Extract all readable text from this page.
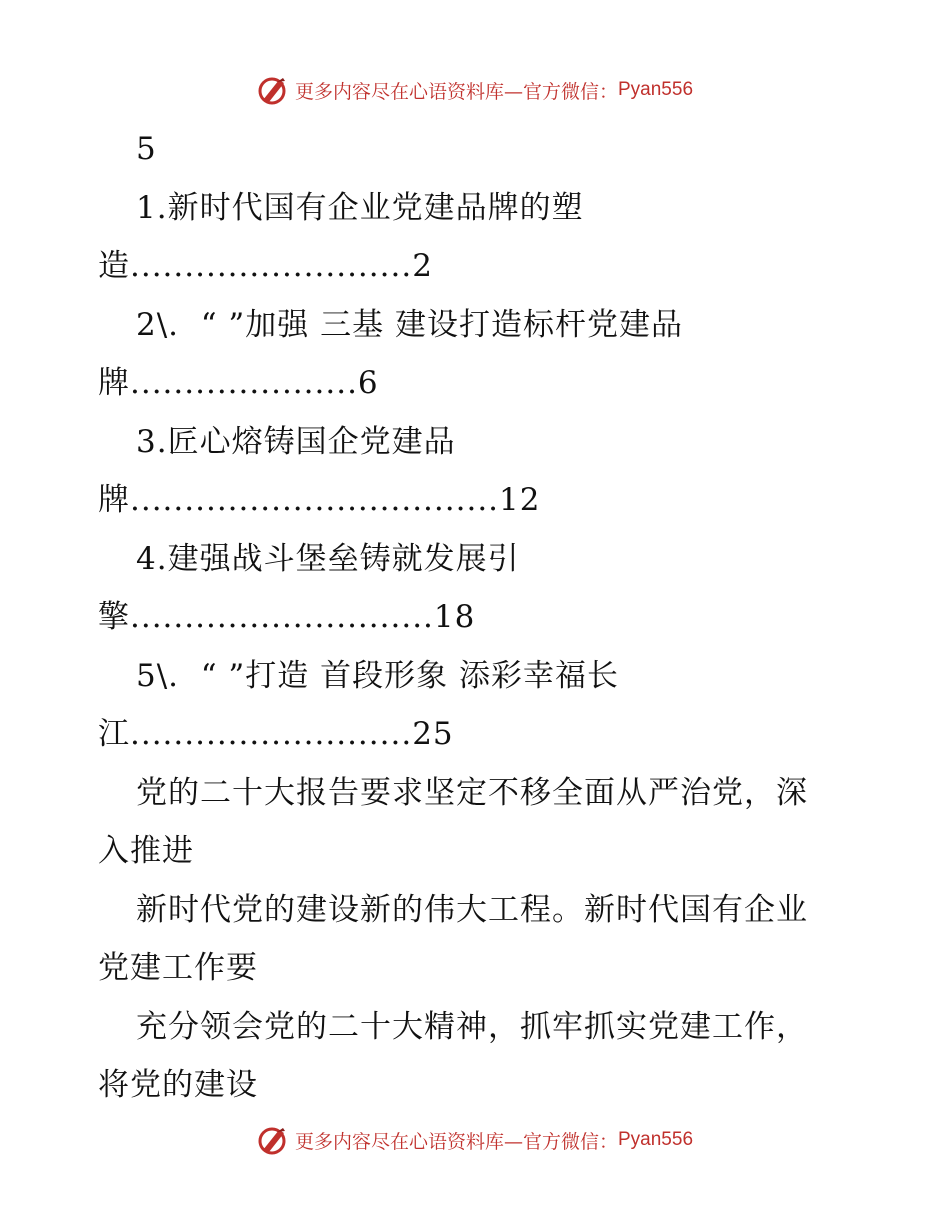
更多内容尽在心语资料库—官方微信： Pyan556
5
1.新时代国有企业党建品牌的塑
造..........................2
2\.  “ ”加强 三基 建设打造标杆党建品
牌.....................6
3.匠心熔铸国企党建品
牌..................................12
4.建强战斗堡垒铸就发展引
擎............................18
5\.  “ ”打造 首段形象 添彩幸福长
江..........................25
党的二十大报告要求坚定不移全面从严治党，深
入推进
新时代党的建设新的伟大工程。新时代国有企业
党建工作要
充分领会党的二十大精神，抓牢抓实党建工作，
将党的建设
更多内容尽在心语资料库—官方微信： Pyan556
